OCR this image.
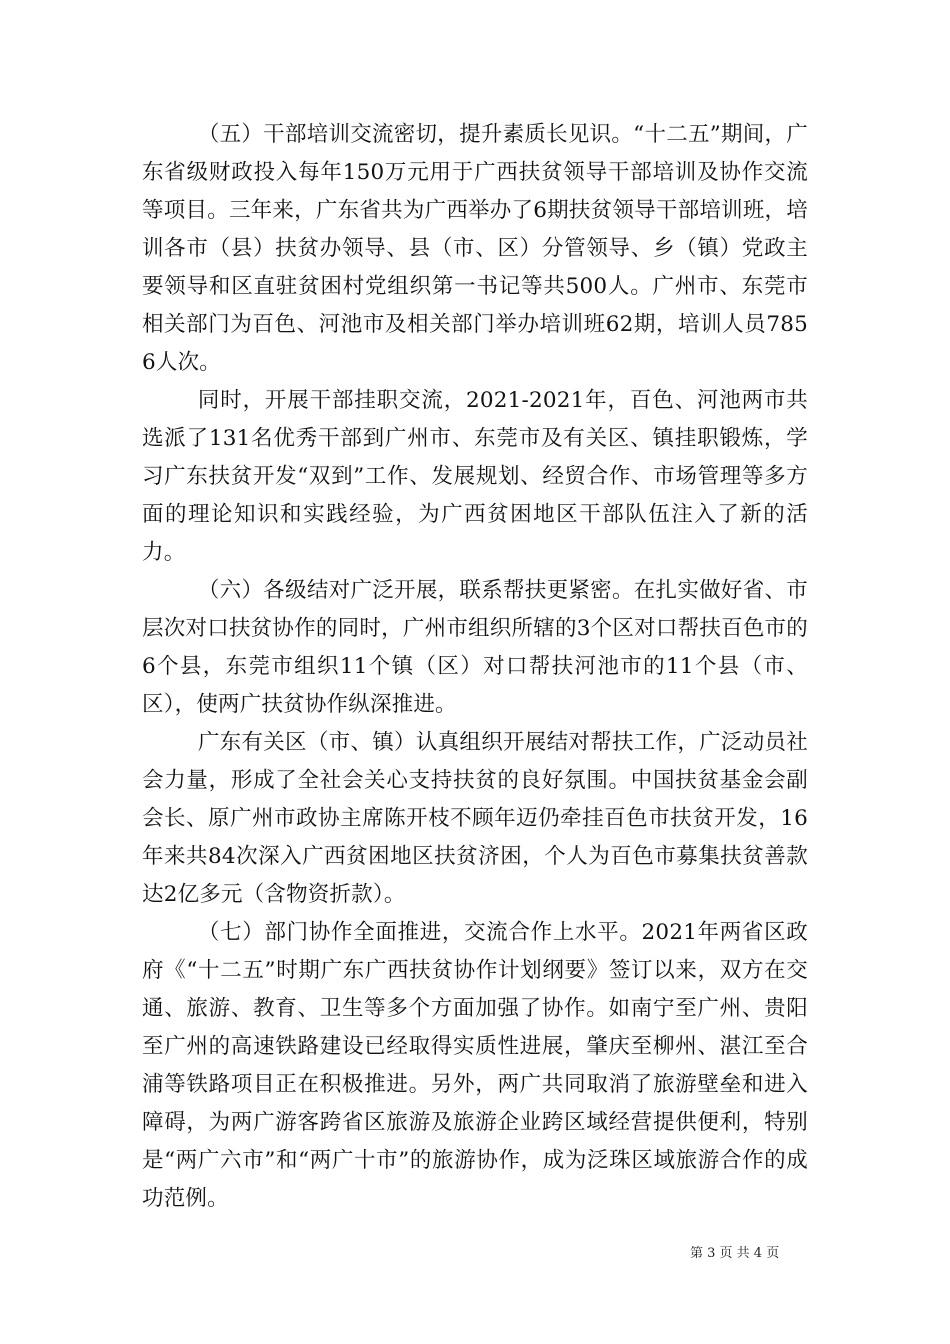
（五）干部培训交流密切，提升素质长见识。“十二五”期间，广东省级财政投入每年150万元用于广西扶贫领导干部培训及协作交流等项目。三年来，广东省共为广西举办了6期扶贫领导干部培训班，培训各市（县）扶贫办领导、县（市、区）分管领导、乡（镇）党政主要领导和区直驻贫困村党组织第一书记等共500人。广州市、东莞市相关部门为百色、河池市及相关部门举办培训班62期，培训人员7856人次。

同时，开展干部挂职交流，2021-2021年，百色、河池两市共选派了131名优秀干部到广州市、东莞市及有关区、镇挂职锻炼，学习广东扶贫开发“双到”工作、发展规划、经贸合作、市场管理等多方面的理论知识和实践经验，为广西贫困地区干部队伍注入了新的活力。

（六）各级结对广泛开展，联系帮扶更紧密。在扎实做好省、市层次对口扶贫协作的同时，广州市组织所辖的3个区对口帮扶百色市的6个县，东莞市组织11个镇（区）对口帮扶河池市的11个县（市、区），使两广扶贫协作纵深推进。

广东有关区（市、镇）认真组织开展结对帮扶工作，广泛动员社会力量，形成了全社会关心支持扶贫的良好氛围。中国扶贫基金会副会长、原广州市政协主席陈开枝不顾年迈仍牵挂百色市扶贫开发，16年来共84次深入广西贫困地区扶贫济困，个人为百色市募集扶贫善款达2亿多元（含物资折款）。

（七）部门协作全面推进，交流合作上水平。2021年两省区政府《“十二五”时期广东广西扶贫协作计划纲要》签订以来，双方在交通、旅游、教育、卫生等多个方面加强了协作。如南宁至广州、贵阳至广州的高速铁路建设已经取得实质性进展，肇庆至柳州、湛江至合浦等铁路项目正在积极推进。另外，两广共同取消了旅游壁垒和进入障碍，为两广游客跨省区旅游及旅游企业跨区域经营提供便利，特别是“两广六市”和“两广十市”的旅游协作，成为泛珠区域旅游合作的成功范例。

第 3 页 共 4 页
